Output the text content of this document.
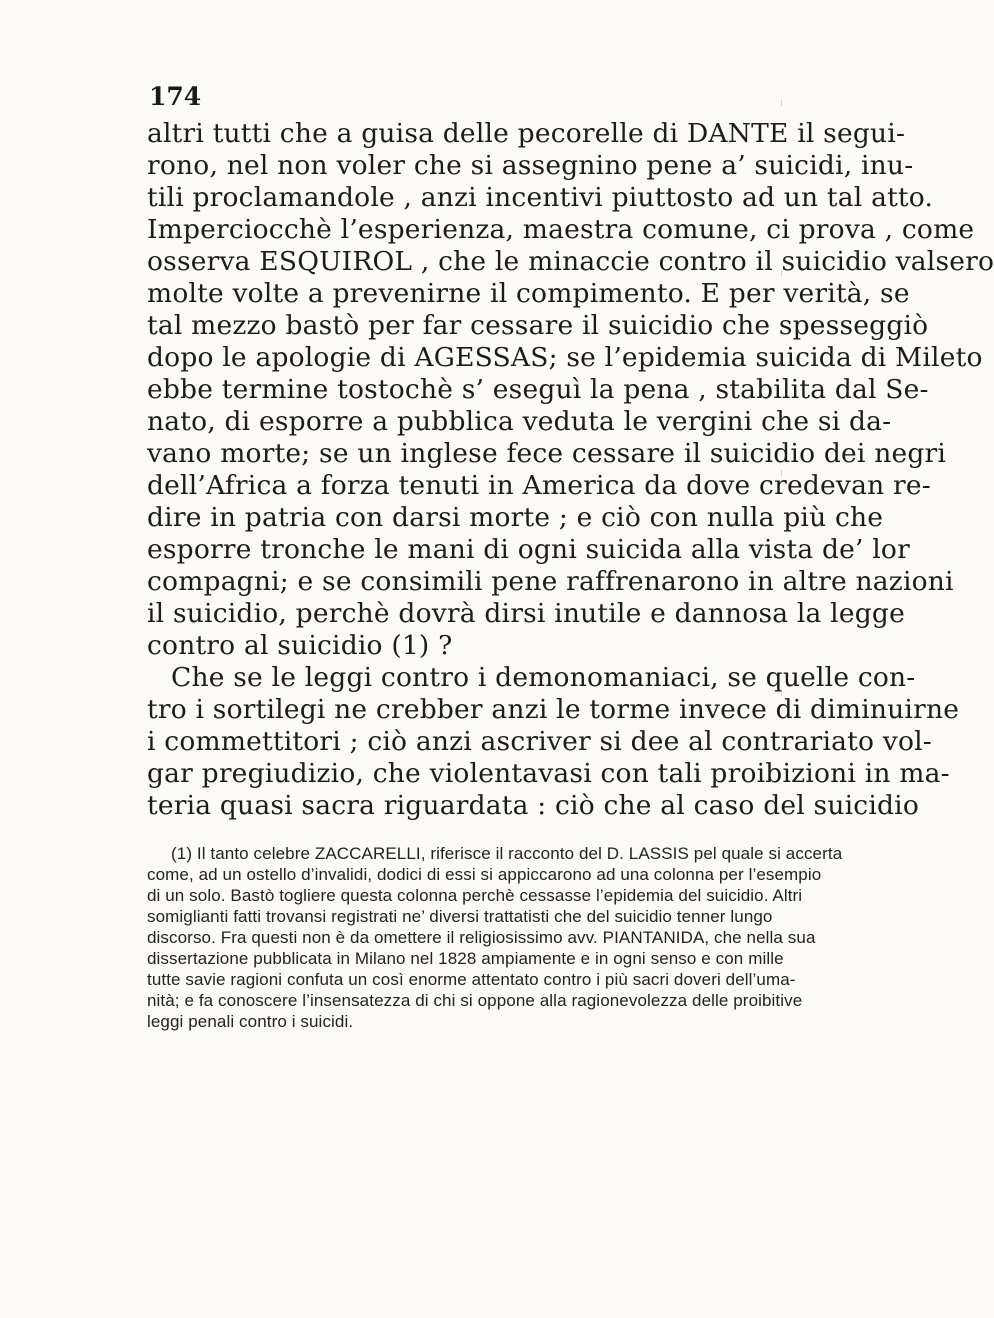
174
altri tutti che a guisa delle pecorelle di DANTE il segui-
rono, nel non voler che si assegnino pene a’ suicidi, inu-
tili proclamandole , anzi incentivi piuttosto ad un tal atto.
Imperciocchè l’esperienza, maestra comune, ci prova , come
osserva ESQUIROL , che le minaccie contro il suicidio valsero
molte volte a prevenirne il compimento. E per verità, se
tal mezzo bastò per far cessare il suicidio che spesseggiò
dopo le apologie di AGESSAS; se l’epidemia suicida di Mileto
ebbe termine tostochè s’ eseguì la pena , stabilita dal Se-
nato, di esporre a pubblica veduta le vergini che si da-
vano morte; se un inglese fece cessare il suicidio dei negri
dell’Africa a forza tenuti in America da dove credevan re-
dire in patria con darsi morte ; e ciò con nulla più che
esporre tronche le mani di ogni suicida alla vista de’ lor
compagni; e se consimili pene raffrenarono in altre nazioni
il suicidio, perchè dovrà dirsi inutile e dannosa la legge
contro al suicidio (1) ?
Che se le leggi contro i demonomaniaci, se quelle con-
tro i sortilegi ne crebber anzi le torme invece di diminuirne
i commettitori ; ciò anzi ascriver si dee al contrariato vol-
gar pregiudizio, che violentavasi con tali proibizioni in ma-
teria quasi sacra riguardata : ciò che al caso del suicidio
(1) Il tanto celebre ZACCARELLI, riferisce il racconto del D. LASSIS pel quale si accerta
come, ad un ostello d’invalidi, dodici di essi si appiccarono ad una colonna per l’esempio
di un solo. Bastò togliere questa colonna perchè cessasse l’epidemia del suicidio. Altri
somiglianti fatti trovansi registrati ne’ diversi trattatisti che del suicidio tenner lungo
discorso. Fra questi non è da omettere il religiosissimo avv. PIANTANIDA, che nella sua
dissertazione pubblicata in Milano nel 1828 ampiamente e in ogni senso e con mille
tutte savie ragioni confuta un così enorme attentato contro i più sacri doveri dell’uma-
nità; e fa conoscere l’insensatezza di chi si oppone alla ragionevolezza delle proibitive
leggi penali contro i suicidi.
